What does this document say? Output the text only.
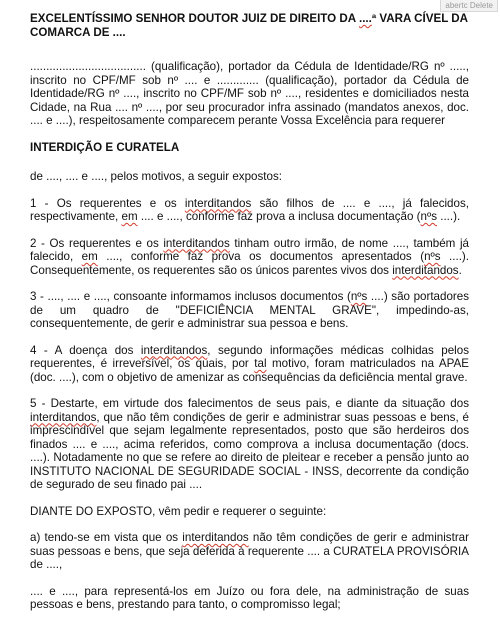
abertc Delete

EXCELENTÍSSIMO SENHOR DOUTOR JUIZ DE DIREITO DA ....ª VARA CÍVEL DA COMARCA DE ....

.................................... (qualificação), portador da Cédula de Identidade/RG nº ....., inscrito no CPF/MF sob nº .... e ............. (qualificação), portador da Cédula de Identidade/RG nº ...., inscrito no CPF/MF sob nº ...., residentes e domiciliados nesta Cidade, na Rua .... nº ...., por seu procurador infra assinado (mandatos anexos, doc. .... e ....), respeitosamente comparecem perante Vossa Excelência para requerer

INTERDIÇÃO E CURATELA

de ...., .... e ...., pelos motivos, a seguir expostos:

1 - Os requerentes e os interditandos são filhos de .... e ...., já falecidos, respectivamente, em .... e ...., conforme faz prova a inclusa documentação (nºs ....).

2 - Os requerentes e os interditandos tinham outro irmão, de nome ...., também já falecido, em ...., conforme faz prova os documentos apresentados (nºs ....). Consequentemente, os requerentes são os únicos parentes vivos dos interditandos.

3 - ...., .... e ...., consoante informamos inclusos documentos (nºs ....) são portadores de um quadro de "DEFICIÊNCIA MENTAL GRAVE", impedindo-as, consequentemente, de gerir e administrar sua pessoa e bens.

4 - A doença dos interditandos, segundo informações médicas colhidas pelos requerentes, é irreversível, os quais, por tal motivo, foram matriculados na APAE (doc. ....), com o objetivo de amenizar as consequências da deficiência mental grave.

5 - Destarte, em virtude dos falecimentos de seus pais, e diante da situação dos interditandos, que não têm condições de gerir e administrar suas pessoas e bens, é imprescindível que sejam legalmente representados, posto que são herdeiros dos finados .... e ...., acima referidos, como comprova a inclusa documentação (docs. ....). Notadamente no que se refere ao direito de pleitear e receber a pensão junto ao INSTITUTO NACIONAL DE SEGURIDADE SOCIAL - INSS, decorrente da condição de segurado de seu finado pai ....

DIANTE DO EXPOSTO, vêm pedir e requerer o seguinte:

a) tendo-se em vista que os interditandos não têm condições de gerir e administrar suas pessoas e bens, que seja deferida à requerente .... a CURATELA PROVISÓRIA de ....,

.... e ...., para representá-los em Juízo ou fora dele, na administração de suas pessoas e bens, prestando para tanto, o compromisso legal;
